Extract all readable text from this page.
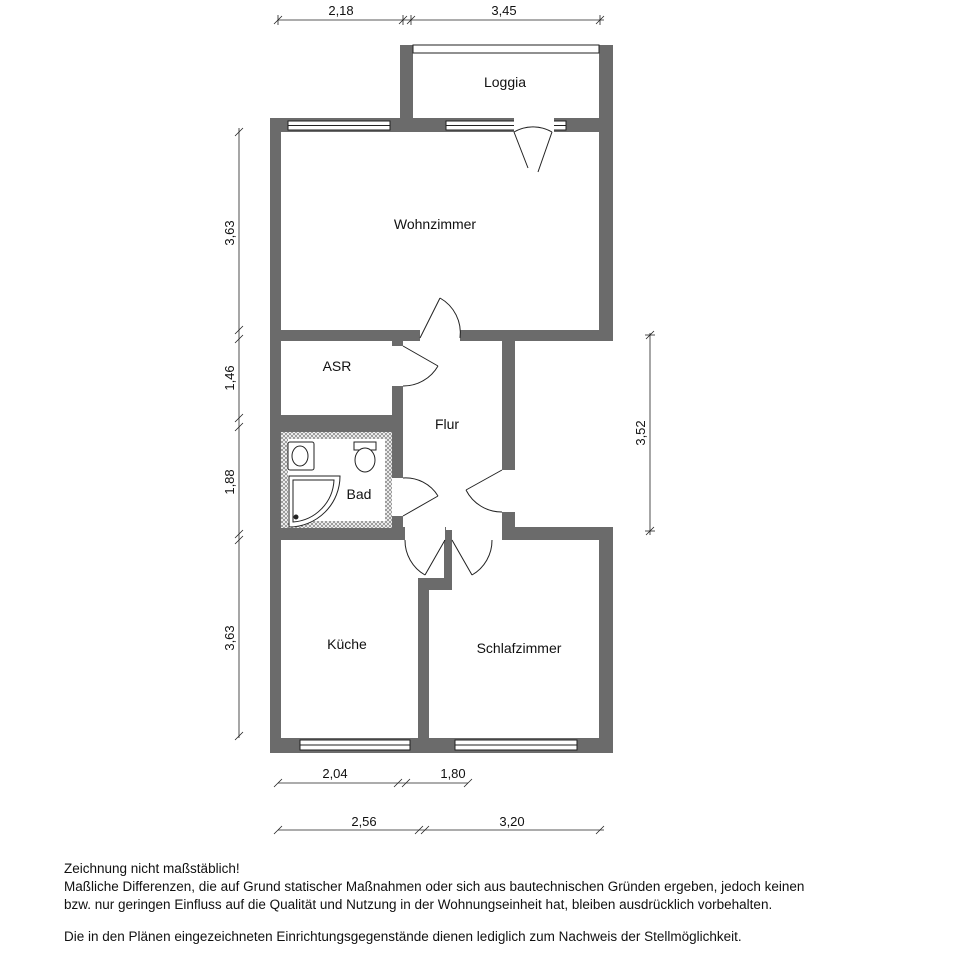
Loggia
Wohnzimmer
ASR
Flur
Bad
Küche	Schlafzimmer
2,18	3,45
3,63
1,46
1,88
3,63
3,52
2,04	1,80
2,56	3,20
Zeichnung nicht maßstäblich!
Maßliche Differenzen, die auf Grund statischer Maßnahmen oder sich aus bautechnischen Gründen ergeben, jedoch keinen
bzw. nur geringen Einfluss auf die Qualität und Nutzung in der Wohnungseinheit hat, bleiben ausdrücklich vorbehalten.
Die in den Plänen eingezeichneten Einrichtungsgegenstände dienen lediglich zum Nachweis der Stellmöglichkeit.
